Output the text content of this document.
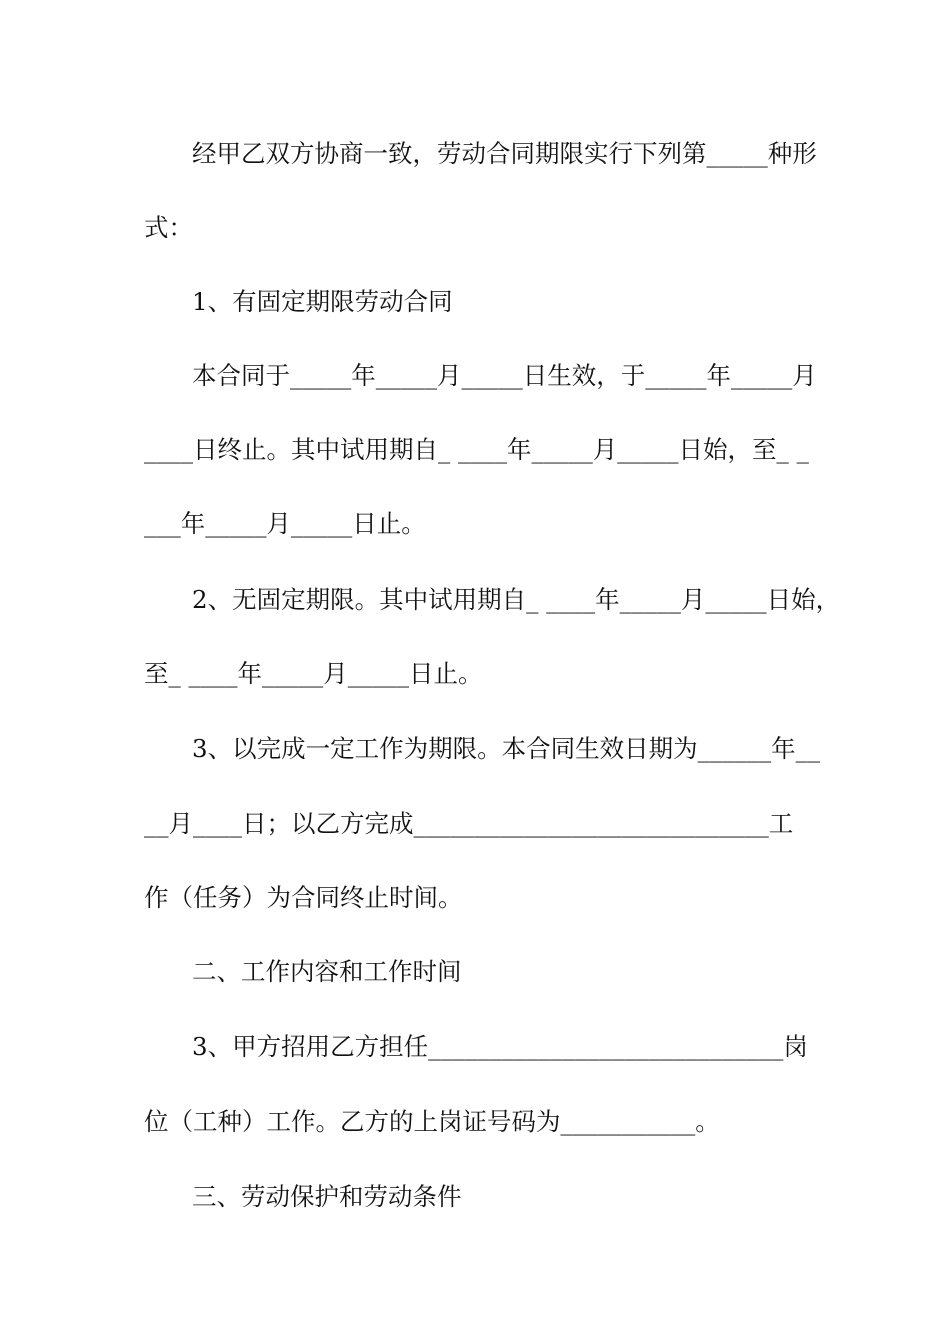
经甲乙双方协商一致，劳动合同期限实行下列第_____种形
式：
1、有固定期限劳动合同
本合同于_____年_____月_____日生效，于_____年_____月
____日终止。其中试用期自_ ____年_____月_____日始，至_ _
___年_____月_____日止。
2、无固定期限。其中试用期自_ ____年_____月_____日始，
至_ ____年_____月_____日止。
3、以完成一定工作为期限。本合同生效日期为______年__
__月____日；以乙方完成_____________________________工
作（任务）为合同终止时间。
二、工作内容和工作时间
3、甲方招用乙方担任_____________________________岗
位（工种）工作。乙方的上岗证号码为___________。
三、劳动保护和劳动条件
